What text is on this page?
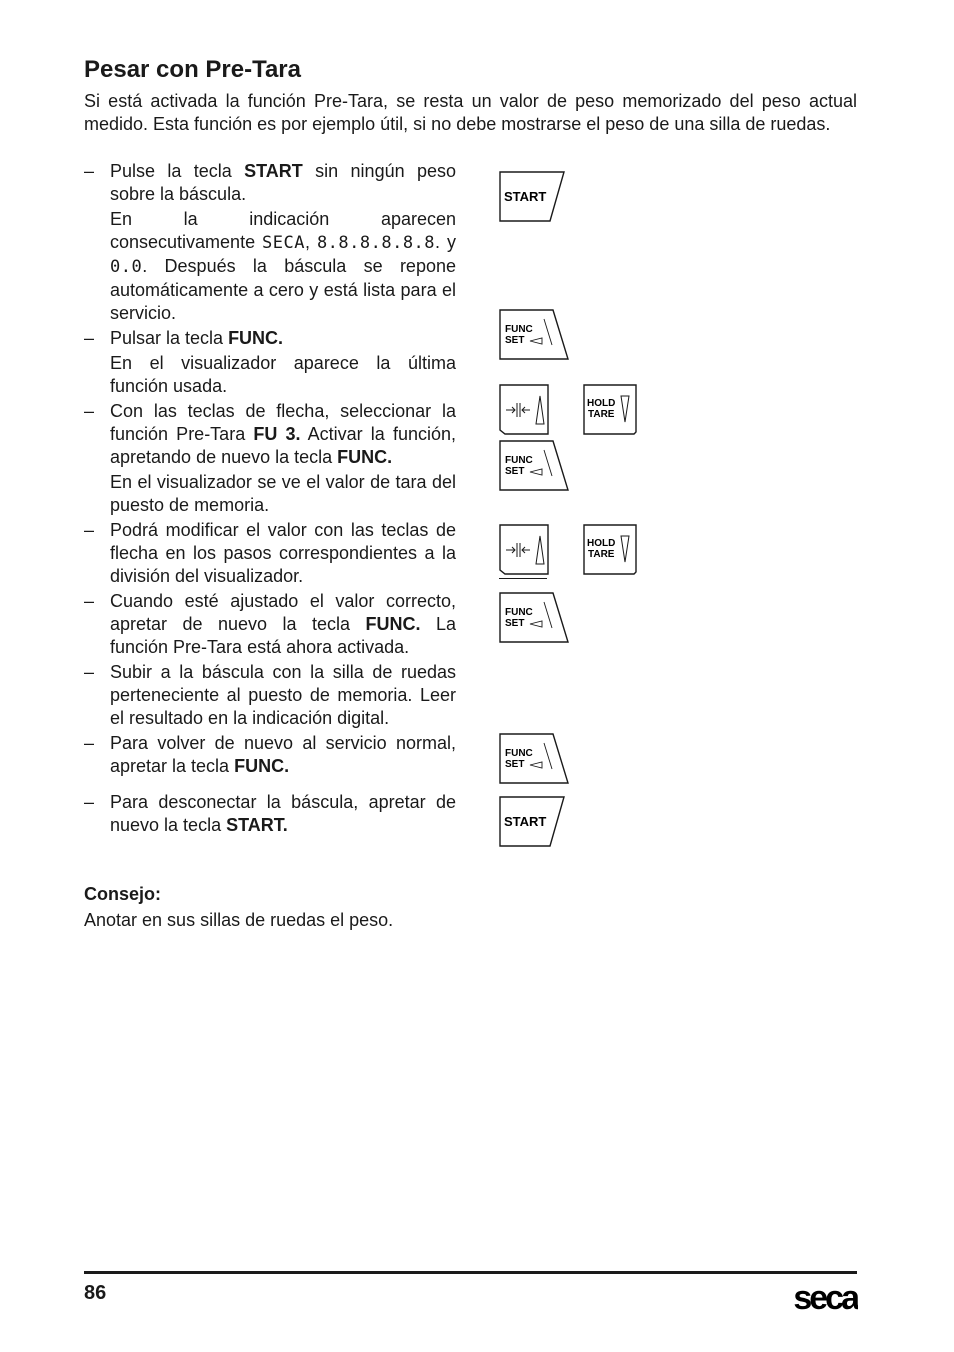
Pesar con Pre-Tara

Si está activada la función Pre-Tara, se resta un valor de peso memorizado del peso actual medido. Esta función es por ejemplo útil, si no debe mostrarse el peso de una silla de ruedas.

– Pulse la tecla START sin ningún peso sobre la báscula.

En la indicación aparecen consecutivamente SECA, 8.8.8.8.8.8. y 0.0. Después la báscula se repone automáticamente a cero y está lista para el servicio.

– Pulsar la tecla FUNC.

En el visualizador aparece la última función usada.

– Con las teclas de flecha, seleccionar la función Pre-Tara FU 3. Activar la función, apretando de nuevo la tecla FUNC.

En el visualizador se ve el valor de tara del puesto de memoria.

– Podrá modificar el valor con las teclas de flecha en los pasos correspondientes a la división del visualizador.

– Cuando esté ajustado el valor correcto, apretar de nuevo la tecla FUNC. La función Pre-Tara está ahora activada.

– Subir a la báscula con la silla de ruedas perteneciente al puesto de memoria. Leer el resultado en la indicación digital.

– Para volver de nuevo al servicio normal, apretar la tecla FUNC.

– Para desconectar la báscula, apretar de nuevo la tecla START.

START
FUNC
SET
HOLD
TARE
FUNC
SET
HOLD
TARE
FUNC
SET
FUNC
SET
START

Consejo:

Anotar en sus sillas de ruedas el peso.

86	seca
